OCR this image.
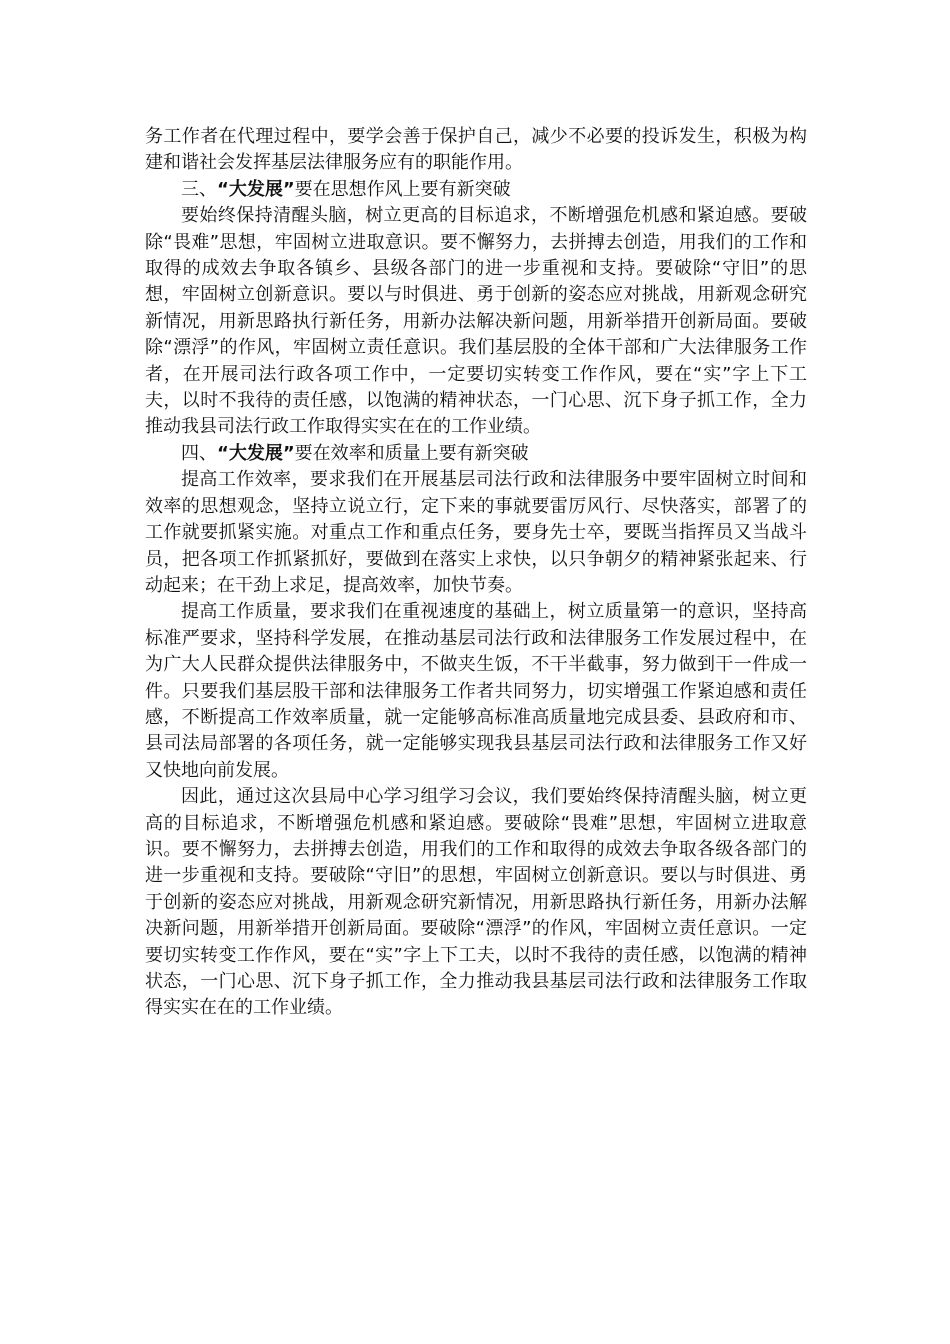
务工作者在代理过程中，要学会善于保护自己，减少不必要的投诉发生，积极为构建和谐社会发挥基层法律服务应有的职能作用。

三、“大发展”要在思想作风上要有新突破

要始终保持清醒头脑，树立更高的目标追求，不断增强危机感和紧迫感。要破除“畏难”思想，牢固树立进取意识。要不懈努力，去拼搏去创造，用我们的工作和取得的成效去争取各镇乡、县级各部门的进一步重视和支持。要破除“守旧”的思想，牢固树立创新意识。要以与时俱进、勇于创新的姿态应对挑战，用新观念研究新情况，用新思路执行新任务，用新办法解决新问题，用新举措开创新局面。要破除“漂浮”的作风，牢固树立责任意识。我们基层股的全体干部和广大法律服务工作者，在开展司法行政各项工作中，一定要切实转变工作作风，要在“实”字上下工夫，以时不我待的责任感，以饱满的精神状态，一门心思、沉下身子抓工作，全力推动我县司法行政工作取得实实在在的工作业绩。

四、“大发展”要在效率和质量上要有新突破

提高工作效率，要求我们在开展基层司法行政和法律服务中要牢固树立时间和效率的思想观念，坚持立说立行，定下来的事就要雷厉风行、尽快落实，部署了的工作就要抓紧实施。对重点工作和重点任务，要身先士卒，要既当指挥员又当战斗员，把各项工作抓紧抓好，要做到在落实上求快，以只争朝夕的精神紧张起来、行动起来；在干劲上求足，提高效率，加快节奏。

提高工作质量，要求我们在重视速度的基础上，树立质量第一的意识，坚持高标准严要求，坚持科学发展，在推动基层司法行政和法律服务工作发展过程中，在为广大人民群众提供法律服务中，不做夹生饭，不干半截事，努力做到干一件成一件。只要我们基层股干部和法律服务工作者共同努力，切实增强工作紧迫感和责任感，不断提高工作效率质量，就一定能够高标准高质量地完成县委、县政府和市、县司法局部署的各项任务，就一定能够实现我县基层司法行政和法律服务工作又好又快地向前发展。

因此，通过这次县局中心学习组学习会议，我们要始终保持清醒头脑，树立更高的目标追求，不断增强危机感和紧迫感。要破除“畏难”思想，牢固树立进取意识。要不懈努力，去拼搏去创造，用我们的工作和取得的成效去争取各级各部门的进一步重视和支持。要破除“守旧”的思想，牢固树立创新意识。要以与时俱进、勇于创新的姿态应对挑战，用新观念研究新情况，用新思路执行新任务，用新办法解决新问题，用新举措开创新局面。要破除“漂浮”的作风，牢固树立责任意识。一定要切实转变工作作风，要在“实”字上下工夫，以时不我待的责任感，以饱满的精神状态，一门心思、沉下身子抓工作，全力推动我县基层司法行政和法律服务工作取得实实在在的工作业绩。
